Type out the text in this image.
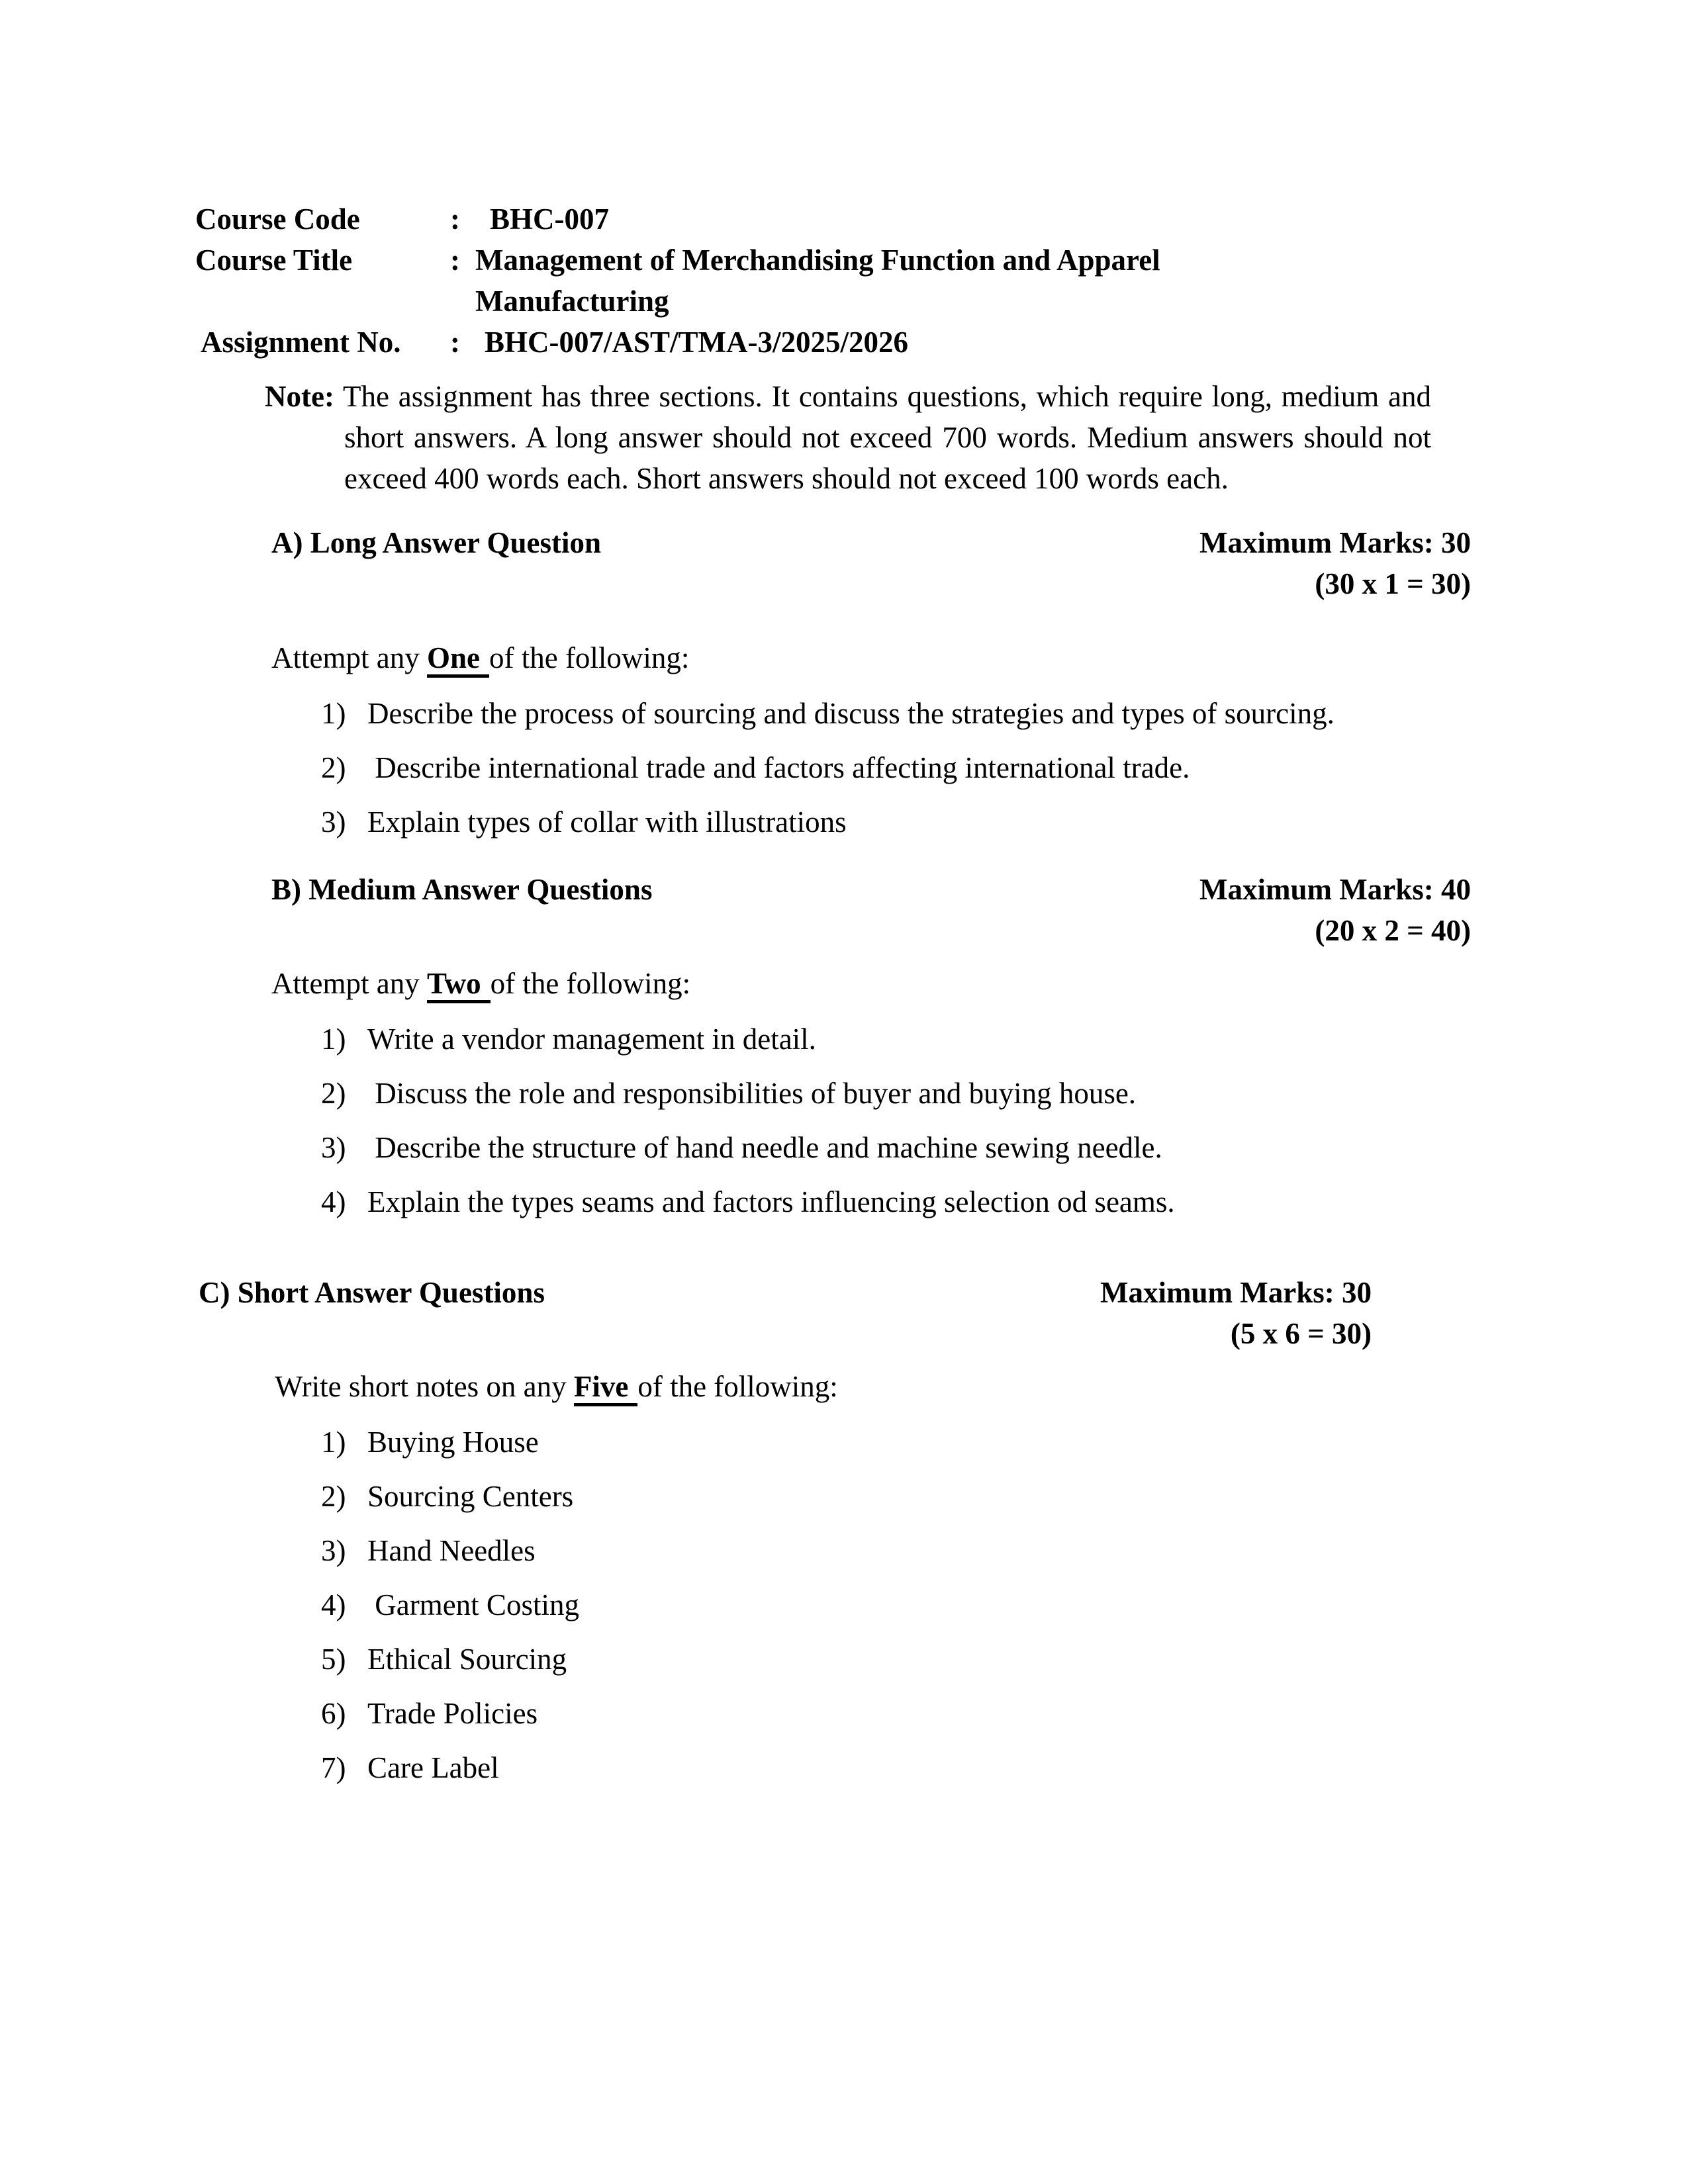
Course Code	:	BHC-007
Course Title	: Management of Merchandising Function and Apparel Manufacturing
Assignment No.	: BHC-007/AST/TMA-3/2025/2026

Note: The assignment has three sections. It contains questions, which require long, medium and short answers. A long answer should not exceed 700 words. Medium answers should not exceed 400 words each. Short answers should not exceed 100 words each.

A) Long Answer Question	Maximum Marks: 30
(30 x 1 = 30)

Attempt any One of the following:

1) Describe the process of sourcing and discuss the strategies and types of sourcing.
2) Describe international trade and factors affecting international trade.
3) Explain types of collar with illustrations
B) Medium Answer Questions	Maximum Marks: 40
(20 x 2 = 40)

Attempt any Two of the following:

1) Write a vendor management in detail.
2) Discuss the role and responsibilities of buyer and buying house.
3) Describe the structure of hand needle and machine sewing needle.
4) Explain the types seams and factors influencing selection od seams.
C) Short Answer Questions	Maximum Marks: 30
(5 x 6 = 30)

Write short notes on any Five of the following:

1) Buying House
2) Sourcing Centers
3) Hand Needles
4) Garment Costing
5) Ethical Sourcing
6) Trade Policies
7) Care Label
